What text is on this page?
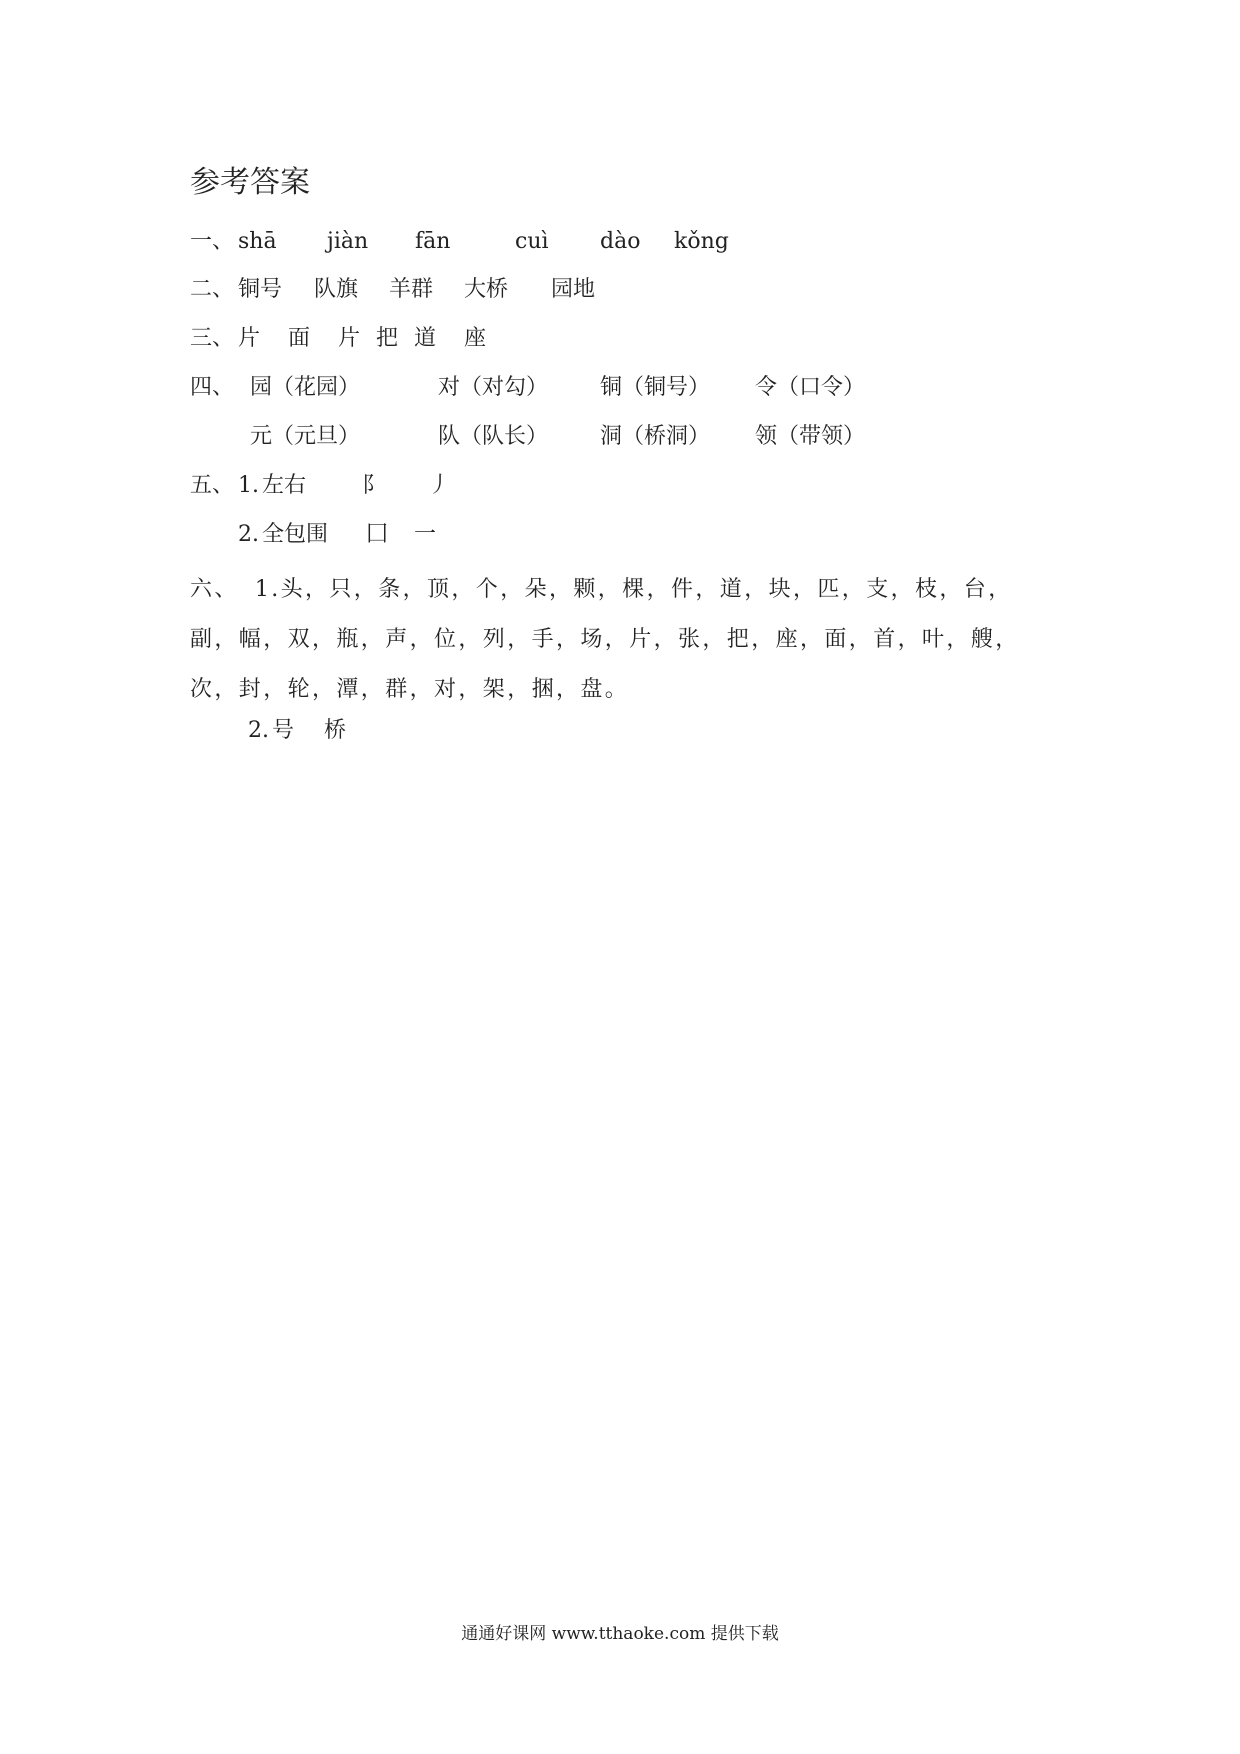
参考答案
一、 shā jiàn fān	cuì dào kǒng
二、 铜号 队旗 羊群 大桥 园地
三、 片 面 片 把 道 座
四、 园（花园）	对（对勾） 铜（铜号） 令（口令）
元（元旦）	队（队长） 洞（桥洞） 领（带领）
五、 1. 左右	阝 丿
2. 全包围 囗 一
六、 1.头，只，条，顶，个，朵，颗，棵，件，道，块，匹，支，枝，台，副，幅，双，瓶，声，位，列，手，场，片，张，把，座，面，首，叶，艘，次，封，轮，潭，群，对，架，捆，盘。
2. 号 桥
通通好课网 www.tthaoke.com 提供下载
